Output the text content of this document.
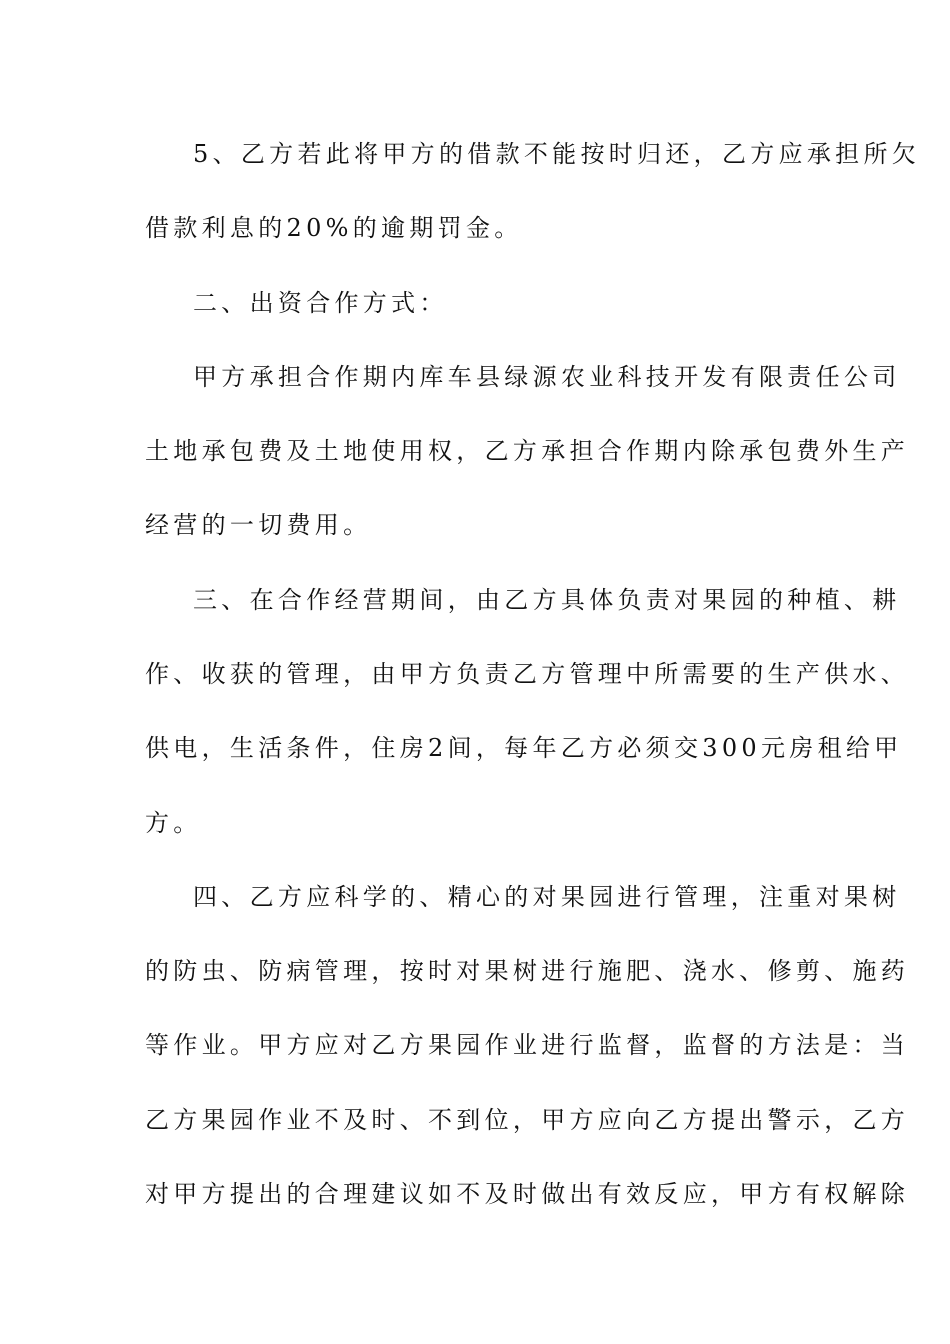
5、乙方若此将甲方的借款不能按时归还，乙方应承担所欠
借款利息的20%的逾期罚金。
二、出资合作方式：
甲方承担合作期内库车县绿源农业科技开发有限责任公司
土地承包费及土地使用权，乙方承担合作期内除承包费外生产
经营的一切费用。
三、在合作经营期间，由乙方具体负责对果园的种植、耕
作、收获的管理，由甲方负责乙方管理中所需要的生产供水、
供电，生活条件，住房2间，每年乙方必须交300元房租给甲
方。
四、乙方应科学的、精心的对果园进行管理，注重对果树
的防虫、防病管理，按时对果树进行施肥、浇水、修剪、施药
等作业。甲方应对乙方果园作业进行监督，监督的方法是：当
乙方果园作业不及时、不到位，甲方应向乙方提出警示，乙方
对甲方提出的合理建议如不及时做出有效反应，甲方有权解除
